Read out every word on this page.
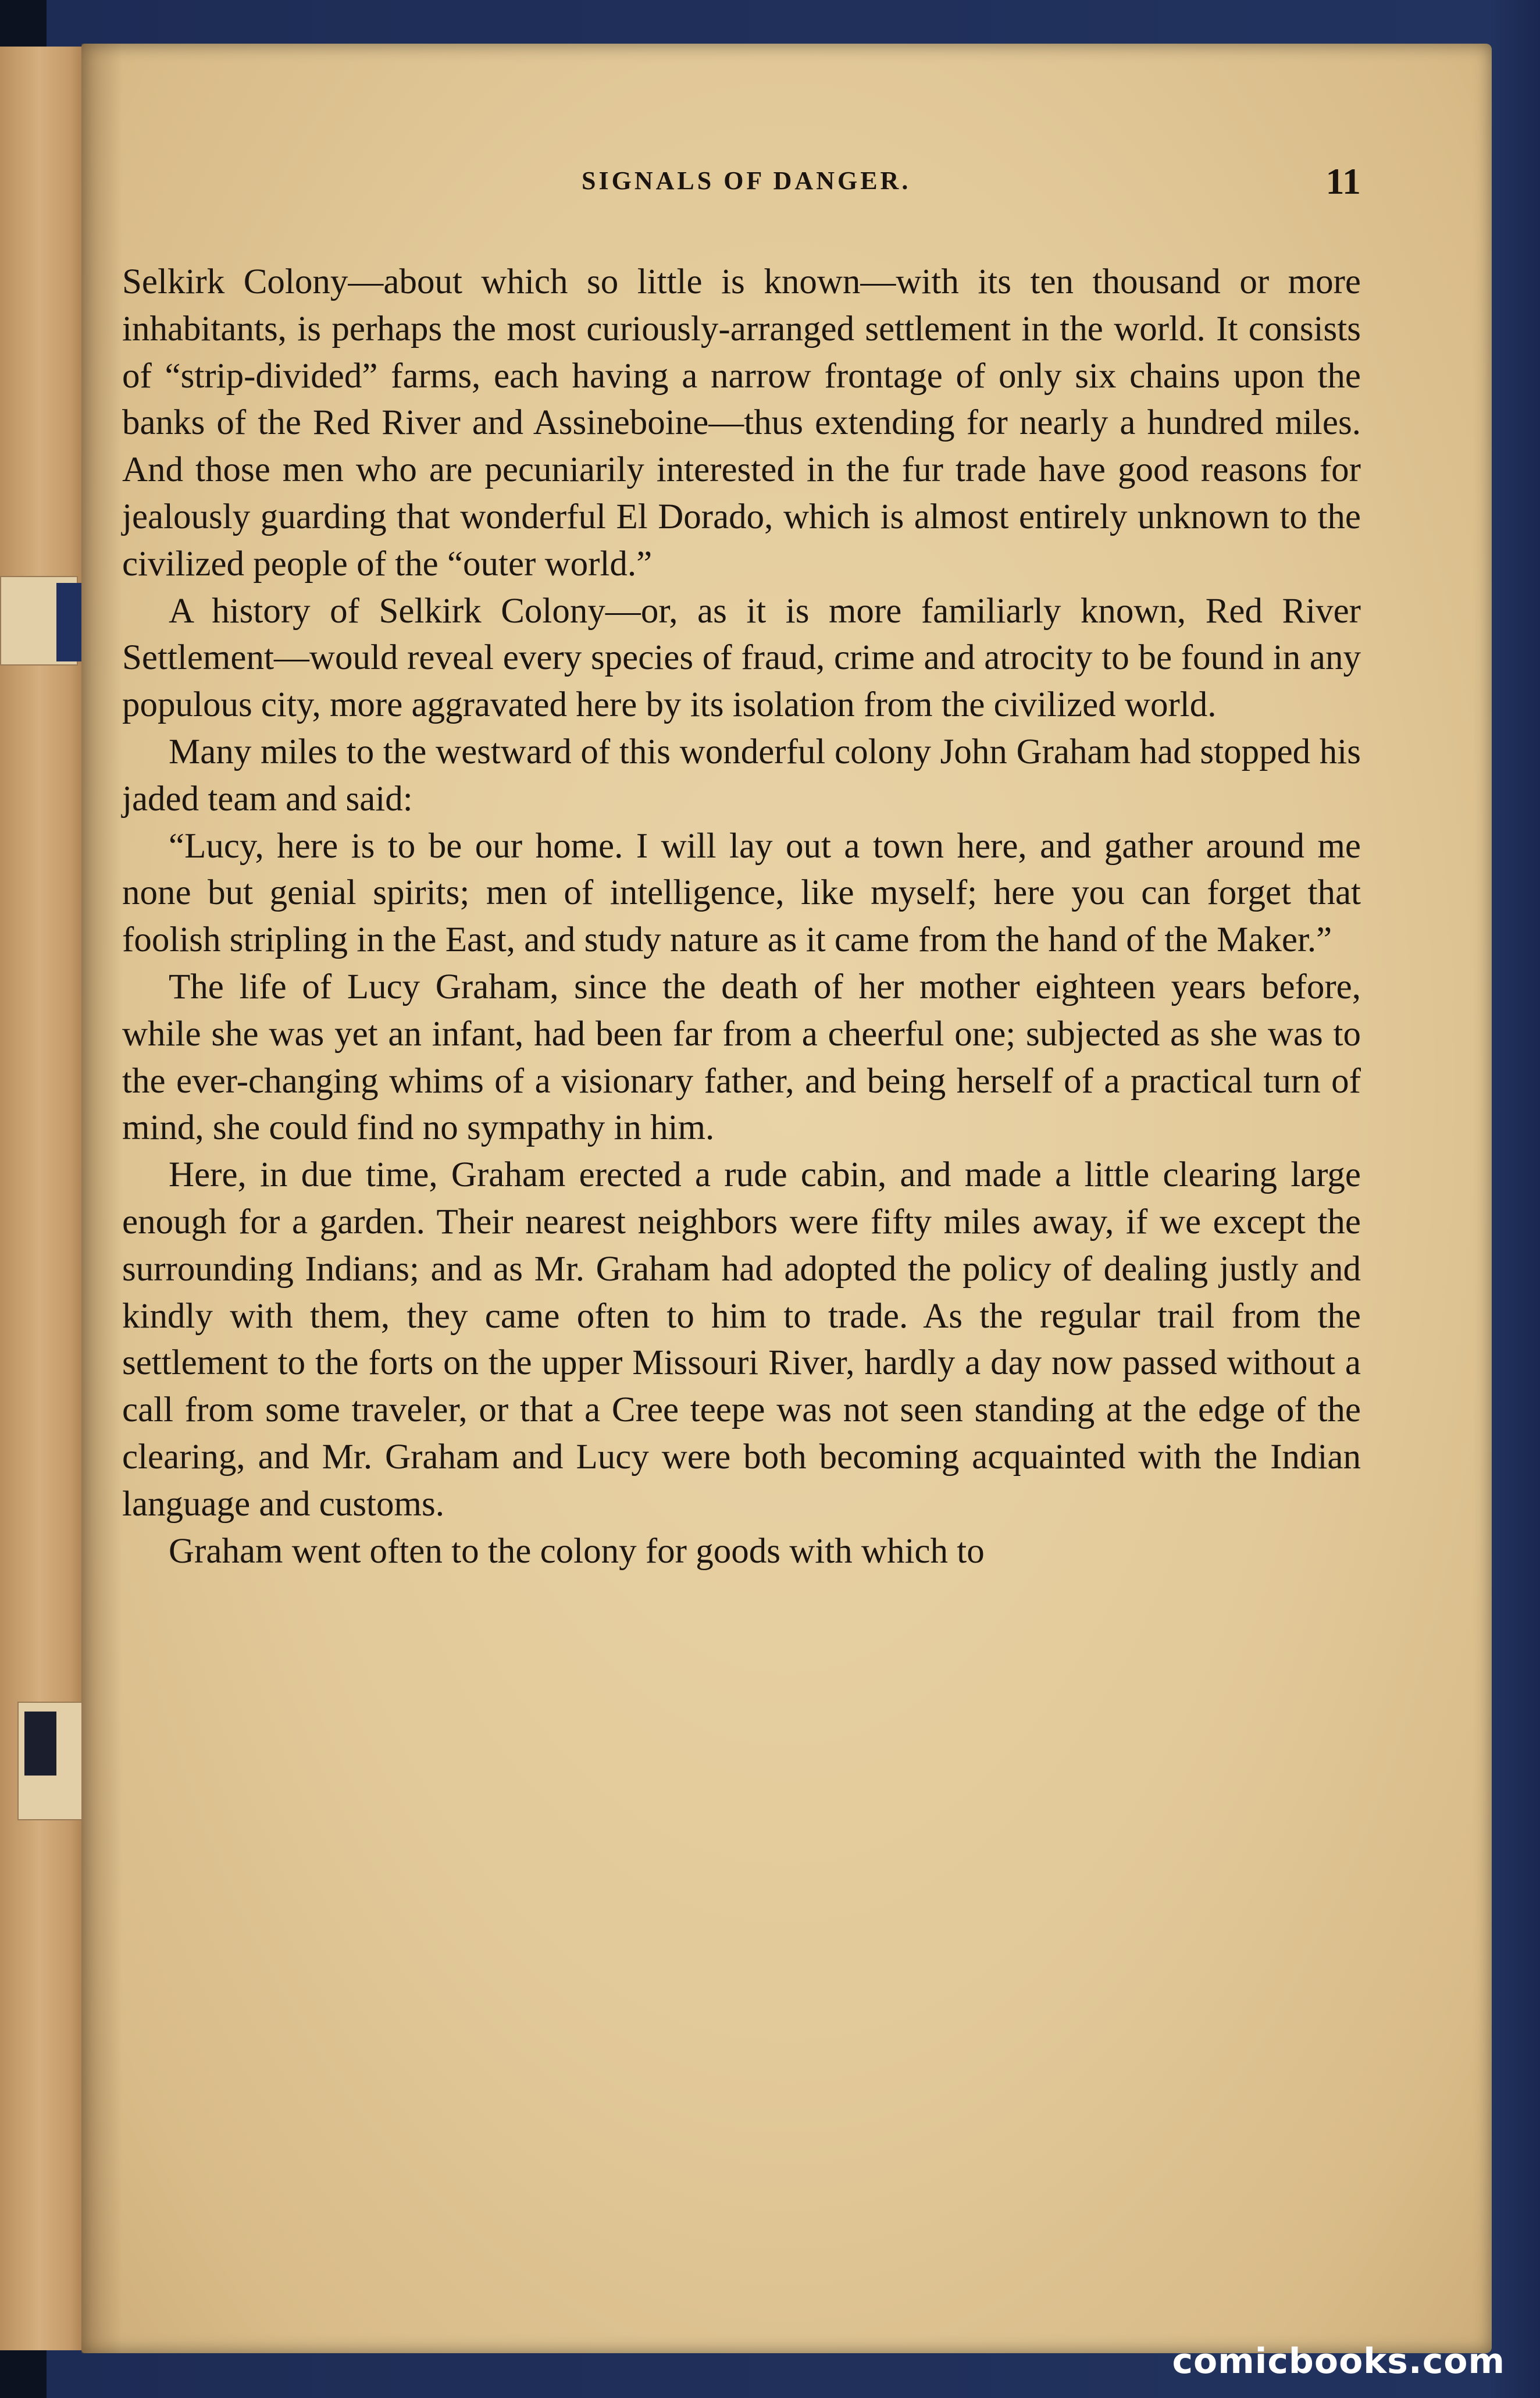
SIGNALS OF DANGER.	11

Selkirk Colony—about which so little is known—with its ten thousand or more inhabitants, is perhaps the most curiously-arranged settlement in the world. It consists of “strip-divided” farms, each having a narrow frontage of only six chains upon the banks of the Red River and Assineboine—thus extending for nearly a hundred miles. And those men who are pecuniarily interested in the fur trade have good reasons for jealously guarding that wonderful El Dorado, which is almost entirely unknown to the civilized people of the “outer world.”

A history of Selkirk Colony—or, as it is more familiarly known, Red River Settlement—would reveal every species of fraud, crime and atrocity to be found in any populous city, more aggravated here by its isolation from the civilized world.

Many miles to the westward of this wonderful colony John Graham had stopped his jaded team and said:

“Lucy, here is to be our home. I will lay out a town here, and gather around me none but genial spirits; men of intelligence, like myself; here you can forget that foolish stripling in the East, and study nature as it came from the hand of the Maker.”

The life of Lucy Graham, since the death of her mother eighteen years before, while she was yet an infant, had been far from a cheerful one; subjected as she was to the ever-changing whims of a visionary father, and being herself of a practical turn of mind, she could find no sympathy in him.

Here, in due time, Graham erected a rude cabin, and made a little clearing large enough for a garden. Their nearest neighbors were fifty miles away, if we except the surrounding Indians; and as Mr. Graham had adopted the policy of dealing justly and kindly with them, they came often to him to trade. As the regular trail from the settlement to the forts on the upper Missouri River, hardly a day now passed without a call from some traveler, or that a Cree teepe was not seen standing at the edge of the clearing, and Mr. Graham and Lucy were both becoming acquainted with the Indian language and customs.

Graham went often to the colony for goods with which to

comicbooks.com
